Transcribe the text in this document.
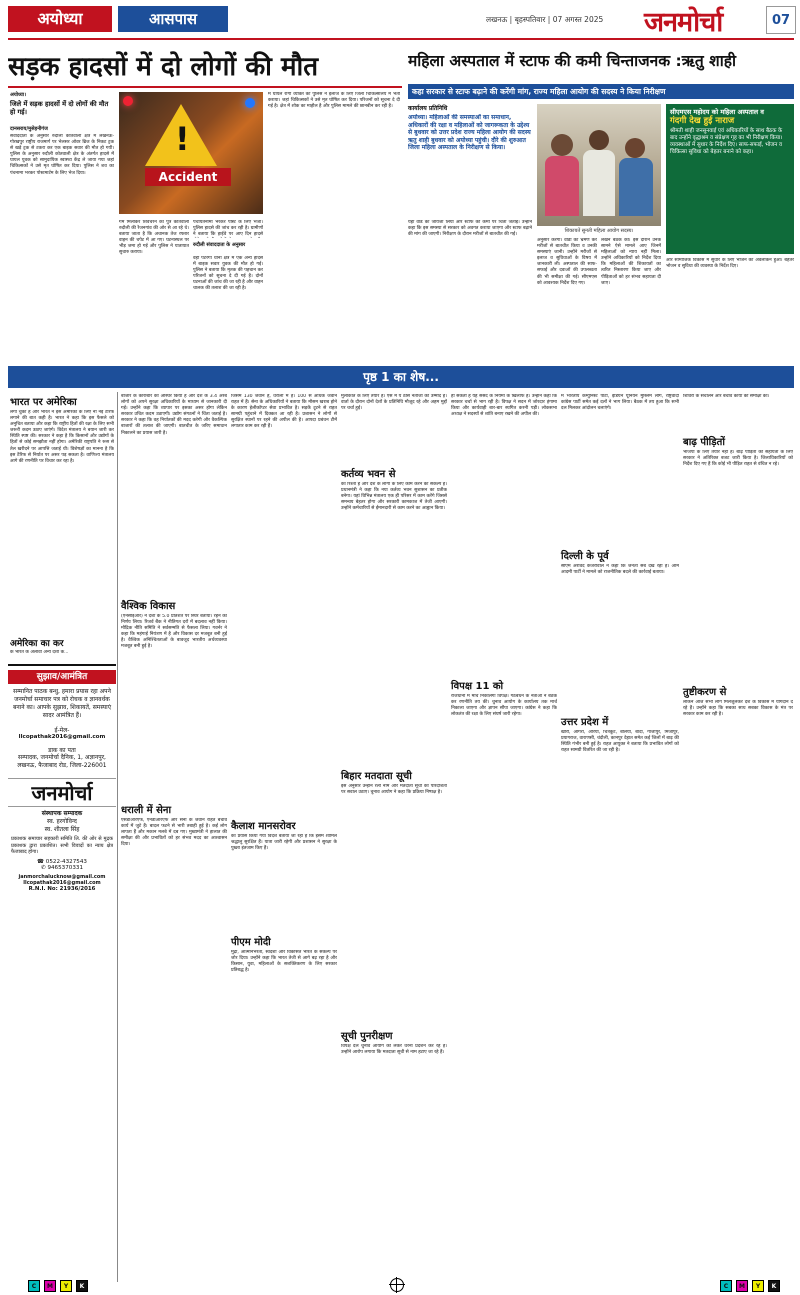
अयोध्या	आसपास	लखनऊ | बृहस्पतिवार | 07 अगस्त 2025 जनमोर्चा	07
सड़क हादसों में दो लोगों की मौत
अयोध्या।
जिले में सड़क हादसों में दो लोगों की मौत हो गई।
दानसराय/मुसेहनीगंज
संवाददाता के अनुसार रुदौली कोतवाली क्षेत्र में लखनऊ-गोरखपुर राष्ट्रीय राजमार्ग पर भेलसर ओवर ब्रिज के निकट ट्रक से खड़े ट्रक से टकरा कर एक बाइक सवार की मौत हो गयी। पुलिस के अनुसार रुदौली कोतवाली क्षेत्र के अंतर्गत हादसे में घायल युवक को सामुदायिक स्वास्थ्य केंद्र ले जाया गया जहां चिकित्सकों ने उसे मृत घोषित कर दिया। पुलिस ने शव का पंचनामा भरकर पोस्टमार्टम के लिए भेज दिया।
!
Accident
गर्म मिलाकर शिवचरन का पुत्र कोतवाली रुदौली की रैजनगांव की ओर से आ रहे थे। बताया जाता है कि अचानक तेज रफ्तार वाहन की चपेट में आ गए। घटनास्थल पर भीड़ जमा हो गई और पुलिस ने यातायात सुचारु कराया।
पंचायतनामा भरकर पोस्ट के लिए भेजा। पुलिस हादसे की जांच कर रही है। ग्रामीणों ने बताया कि हाईवे पर आए दिन हादसे
रुदौली संवाददाता के अनुसार
वहीं पटरंगा थाना क्षेत्र में एक अन्य हादसे में बाइक सवार युवक की मौत हो गई। पुलिस ने बताया कि मृतक की पहचान कर परिजनों को सूचना दे दी गई है। दोनों घटनाओं की जांच की जा रही है और वाहन चालक की तलाश की जा रही है।
मे घायल रोगी व्यक्ति को पुलिस ने इलाज के लिए जिला चिकित्सालय में भर्ती कराया। जहां चिकित्सकों ने उसे मृत घोषित कर दिया। परिजनों को सूचना दे दी गई है। क्षेत्र में शोक का माहौल है और पुलिस मामले की छानबीन कर रही है।
महिला अस्पताल में स्टाफ की कमी चिन्ताजनक :ऋतु शाही
कहा सरकार से स्टाफ बढ़ाने की करेंगी मांग, राज्य महिला आयोग की सदस्य ने किया निरीक्षण
कार्यालय प्रतिनिधि
अयोध्या। महिलाओं की समस्याओं का समाधान, अधिकारों की रक्षा व महिलाओं को जागरूकता के उद्देश्य से बुधवार को उत्तर प्रदेश राज्य महिला आयोग की सदस्य ऋतु शाही बुधवार को अयोध्या पहुंची। दौरे की शुरुआत जिला महिला अस्पताल के निरीक्षण से किया।
यहां वार्ड का जायजा लिया और स्टाफ की कमी पर चिंता जताई। उन्होंने कहा कि इस समस्या से सरकार को अवगत कराया जाएगा और स्टाफ बढ़ाने की मांग की जाएगी। निरीक्षण के दौरान मरीजों से बातचीत की गई।
शिकायतें सुनती महिला आयोग सदस्य।
अनुसार करेंगी। वार्डों का भ्रमण कर मरीजों से बातचीत किया व उनकी समस्याएं जानी। उन्होंने मरीजों से इलाज व सुविधाओं के विषय में जानकारी ली। अस्पताल की साफ-सफाई और दवाओं की उपलब्धता की भी समीक्षा की गई। सीएमएस को आवश्यक निर्देश दिए गए।
लखन बैठक की। इस दौरान उनके सामने ऐसे मामले आए जिनमें महिलाओं को न्याय नहीं मिला। उन्होंने अधिकारियों को निर्देश दिया कि महिलाओं की शिकायतों का त्वरित निस्तारण किया जाए और पीड़िताओं को हर संभव सहायता दी जाए।
सीएमएस महोदय को महिला अस्पताल व
गंदगी देख हुई नाराज
श्रीमती शाही जनसुनवाई एवं अधिकारियों के साथ बैठक के बाद उन्होंने वृद्धाश्रम व संप्रेक्षण गृह का भी निरीक्षण किया। व्यवस्थाओं में सुधार के निर्देश दिए। साफ-सफाई, भोजन व चिकित्सा सुविधा को बेहतर बनाने को कहा।
और सामाजिक विकास में सुधार के लिए भोजन का अवलोकन हुआ। बेहतर भोजन व सुविधा की व्यवस्था के निर्देश दिए।
पृष्ठ 1 का शेष...
भारत पर अमेरिका
लगा चुका है और भारत ने इस अमेरिका के लिए नौ नई टैरिफ लगाने की बात कही है। भारत ने कहा कि इस फैसले को अनुचित बताया और कहा कि राष्ट्रीय हितों की रक्षा के लिए सभी जरूरी कदम उठाए जाएंगे। विदेश मंत्रालय ने बयान जारी कर स्थिति स्पष्ट की। सरकार ने कहा है कि किसानों और उद्योगों के हितों से कोई समझौता नहीं होगा। अमेरिकी राष्ट्रपति ने रूस से तेल खरीदने पर आपत्ति जताई थी। विशेषज्ञों का मानना है कि इस टैरिफ से निर्यात पर असर पड़ सकता है। वाणिज्य मंत्रालय आगे की रणनीति पर विचार कर रहा है।
अमेरिका का कर
के भारत के अलावा अन्य देशों के...
सुझाव/आमंत्रित
सम्मानित पाठक बन्धु, हमारा प्रयास रहा अपने जनमोर्चा समाचार पत्र को रोचक व ज्ञानवर्धक बनाने का। आपके सुझाव, शिकायतें, समस्याएं सादर आमंत्रित हैं।
ई-मेल-
llcopathak2016@gmail.com
डाक का पता
सम्पादक, जनमोर्चा दैनिक, 1, अज्ञानपुर, लखनऊ, फैजाबाद रोड, जिला-226001
जनमोर्चा
संस्थापक सम्पादक
स्व. हरगोविन्द
स्व. शीतला सिंह
प्रकाशक समाचार सहकारी समिति लि. की ओर से मुद्रक प्रकाशक द्वारा प्रकाशित। सभी विवादों का न्याय क्षेत्र फैजाबाद होगा।
☎ 0522-4327543
✆ 9465370331
janmorchalucknow@gmail.com
llcopathak2016@gmail.com
R.N.I. No: 21936/2016
बाजार के कारोबार को अस्थिर किया है और देश के 3.4 अरब लोगों को अपने सुरक्षा अधिकारियों के माध्यम से जानकारी दी गई। उन्होंने कहा कि व्यापार पर इसका असर होगा लेकिन सरकार उचित कदम उठाएगी। उद्योग संगठनों ने चिंता जताई है। सरकार ने कहा कि वह निर्यातकों की मदद करेगी और वैकल्पिक बाजारों की तलाश की जाएगी। बातचीत के जरिए समाधान निकालने का प्रयास जारी है।
वैश्विक विकास
(एनसीईआर) ने देशों के 5.0 प्रतिशत पर स्थिर बताया। रहने का निर्णय लिया। रिजर्व बैंक ने नीतिगत दरों में बदलाव नहीं किया। मौद्रिक नीति समिति ने सर्वसम्मति से फैसला लिया। गवर्नर ने कहा कि महंगाई नियंत्रण में है और विकास दर मजबूत बनी हुई है। वैश्विक अनिश्चितताओं के बावजूद भारतीय अर्थव्यवस्था मजबूत बनी हुई है।
धराली में सेना
एसडीआरएफ, एनडीआरएफ और सेना के जवान राहत बचाव कार्य में जुटे हैं। बादल फटने से भारी तबाही हुई है। कई लोग लापता हैं और मकान मलबे में दब गए। मुख्यमंत्री ने हालात की समीक्षा की और प्रभावितों को हर संभव मदद का आश्वासन दिया।
जिसमें 130 जवान हैं, धराली में हैं। 100 से अधिक जवान राहत में हैं। सेना के अधिकारियों ने बताया कि मौसम खराब होने के कारण हेलीकॉप्टर सेवा प्रभावित है। सड़कें टूटने से राहत सामग्री पहुंचाने में दिक्कत आ रही है। प्रशासन ने लोगों से सुरक्षित स्थानों पर रहने की अपील की है। आपदा प्रबंधन टीमें लगातार काम कर रही हैं।
कैलाश मानसरोवर
का प्रयास किया गया विदेश बताया जा रहा है कि इसमें शामिल श्रद्धालु सुरक्षित हैं। यात्रा जारी रहेगी और प्रशासन ने सुरक्षा के पुख्ता इंतजाम किए हैं।
पीएम मोदी
मुद्रा, आत्मनिर्भरता, स्वदेशी और विकसित भारत के संकल्प पर जोर दिया। उन्होंने कहा कि भारत तेजी से आगे बढ़ रहा है और किसान, युवा, महिलाओं के सशक्तिकरण के लिए सरकार प्रतिबद्ध है।
मुलाकात के लिए तैयार है। ऐसे में ये ठोस नतीजों की उम्मीद है। वार्ता के दौरान दोनों देशों के प्रतिनिधि मौजूद रहे और अहम मुद्दों पर चर्चा हुई।
कर्तव्य भवन से
का रिश्ता है और देश के लोगों के लिए काम करने का संकल्प है। प्रधानमंत्री ने कहा कि नया कर्तव्य भवन सुशासन का प्रतीक बनेगा। यहां विभिन्न मंत्रालय एक ही परिसर में काम करेंगे जिससे समन्वय बेहतर होगा और सरकारी कामकाज में तेजी आएगी। उन्होंने कर्मचारियों से ईमानदारी से काम करने का आह्वान किया।
बिहार मतदाता सूची
इस अनुसार उन्होंने रैली नाम और मतदाता सूची की पारदर्शिता पर सवाल उठाए। चुनाव आयोग ने कहा कि प्रक्रिया निष्पक्ष है।
सूची पुनरीक्षण
विपक्ष दल चुनाव आयोग को लेकर धरना प्रदर्शन कर रहे हैं। उन्होंने आरोप लगाया कि मतदाता सूची से नाम हटाए जा रहे हैं।
हो सकती है यह संसद के नियमों के खिलाफ है। उन्होंने कहा कि सरकार चर्चा से भाग रही है। विपक्ष ने सदन में जोरदार हंगामा किया और कार्यवाही बार-बार स्थगित करनी पड़ी। लोकसभा अध्यक्ष ने सदस्यों से शांति बनाए रखने की अपील की।
विपक्ष 11 को
राजधानी में मार्च निकालेगा विपक्ष। गठबंधन के नेताओं ने बैठक कर रणनीति तय की। चुनाव आयोग के कार्यालय तक मार्च निकाला जाएगा और ज्ञापन सौंपा जाएगा। कांग्रेस ने कहा कि लोकतंत्र की रक्षा के लिए संघर्ष जारी रहेगा।
में भारतीय कम्युनिस्ट पार्टी, इंडियन यूनियन मुस्लिम लीग, राष्ट्रवादी कांग्रेस पार्टी समेत कई दलों ने भाग लिया। बैठक में तय हुआ कि सभी दल मिलकर आंदोलन चलाएंगे।
दिल्ली के पूर्व
सीएम अरविंद केजरीवाल ने कहा कि जनता सब देख रही है। आम आदमी पार्टी ने मामले को राजनीतिक बदले की कार्रवाई बताया।
उत्तर प्रदेश में
खीरी, आगरा, औरैया, चित्रकूट, बलिया, बांदा, गाजीपुर, मिर्जापुर, प्रयागराज, वाराणसी, चंदौली, कानपुर देहात समेत कई जिलों में बाढ़ की स्थिति गंभीर बनी हुई है। राहत आयुक्त ने बताया कि प्रभावित लोगों को राहत सामग्री वितरित की जा रही है।
शिविरों के संचालन और बचाव कार्यों की समीक्षा की।
बाढ़ पीड़ितों
भाजपा के लिए तैयार नहीं है। बाढ़ पीड़ितों की सहायता के लिए सरकार ने अतिरिक्त बजट जारी किया है। जिलाधिकारियों को निर्देश दिए गए हैं कि कोई भी पीड़ित राहत से वंचित न रहे।
तुष्टीकरण से
लेकिन आज सभी लोग मिलजुलकर देश के विकास में योगदान दे रहे हैं। उन्होंने कहा कि सबका साथ सबका विकास के मंत्र पर सरकार काम कर रही है।
C	M	Y	K	C	M	Y	K
